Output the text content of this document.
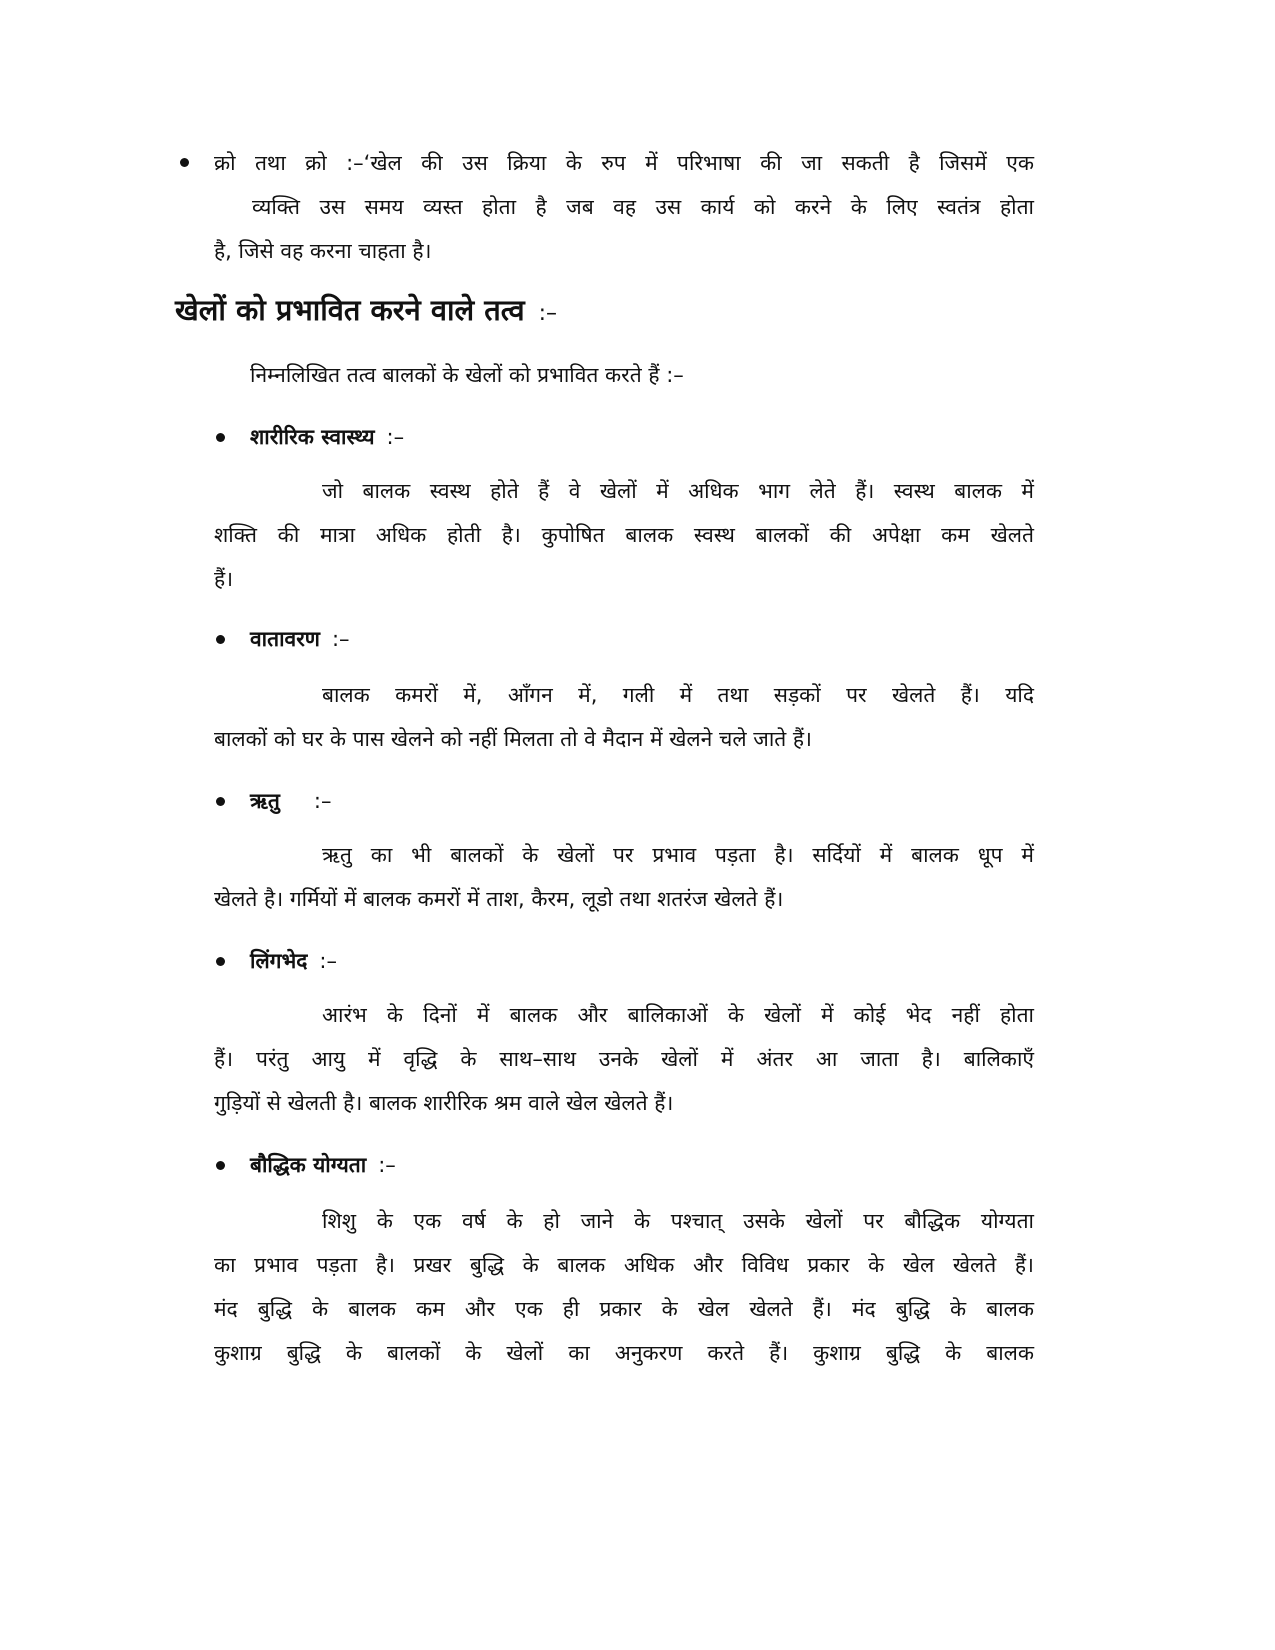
क्रो तथा क्रो :–‘खेल की उस क्रिया के रुप में परिभाषा की जा सकती है जिसमें एक

व्यक्ति उस समय व्यस्त होता है जब वह उस कार्य को करने के लिए स्वतंत्र होता

है, जिसे वह करना चाहता है।

खेलों को प्रभावित करने वाले तत्व :–

निम्नलिखित तत्व बालकों के खेलों को प्रभावित करते हैं :–

शारीरिक स्वास्थ्य :–

जो बालक स्वस्थ होते हैं वे खेलों में अधिक भाग लेते हैं। स्वस्थ बालक में

शक्ति की मात्रा अधिक होती है। कुपोषित बालक स्वस्थ बालकों की अपेक्षा कम खेलते

हैं।

वातावरण :–

बालक कमरों में, आँगन में, गली में तथा सड़कों पर खेलते हैं। यदि

बालकों को घर के पास खेलने को नहीं मिलता तो वे मैदान में खेलने चले जाते हैं।

ऋतु :–

ऋतु का भी बालकों के खेलों पर प्रभाव पड़ता है। सर्दियों में बालक धूप में

खेलते है। गर्मियों में बालक कमरों में ताश, कैरम, लूडो तथा शतरंज खेलते हैं।

लिंगभेद :–

आरंभ के दिनों में बालक और बालिकाओं के खेलों में कोई भेद नहीं होता

हैं। परंतु आयु में वृद्धि के साथ–साथ उनके खेलों में अंतर आ जाता है। बालिकाएँ

गुड़ियों से खेलती है। बालक शारीरिक श्रम वाले खेल खेलते हैं।

बौद्धिक योग्यता :–

शिशु के एक वर्ष के हो जाने के पश्चात् उसके खेलों पर बौद्धिक योग्यता

का प्रभाव पड़ता है। प्रखर बुद्धि के बालक अधिक और विविध प्रकार के खेल खेलते हैं।

मंद बुद्धि के बालक कम और एक ही प्रकार के खेल खेलते हैं। मंद बुद्धि के बालक

कुशाग्र बुद्धि के बालकों के खेलों का अनुकरण करते हैं। कुशाग्र बुद्धि के बालक
